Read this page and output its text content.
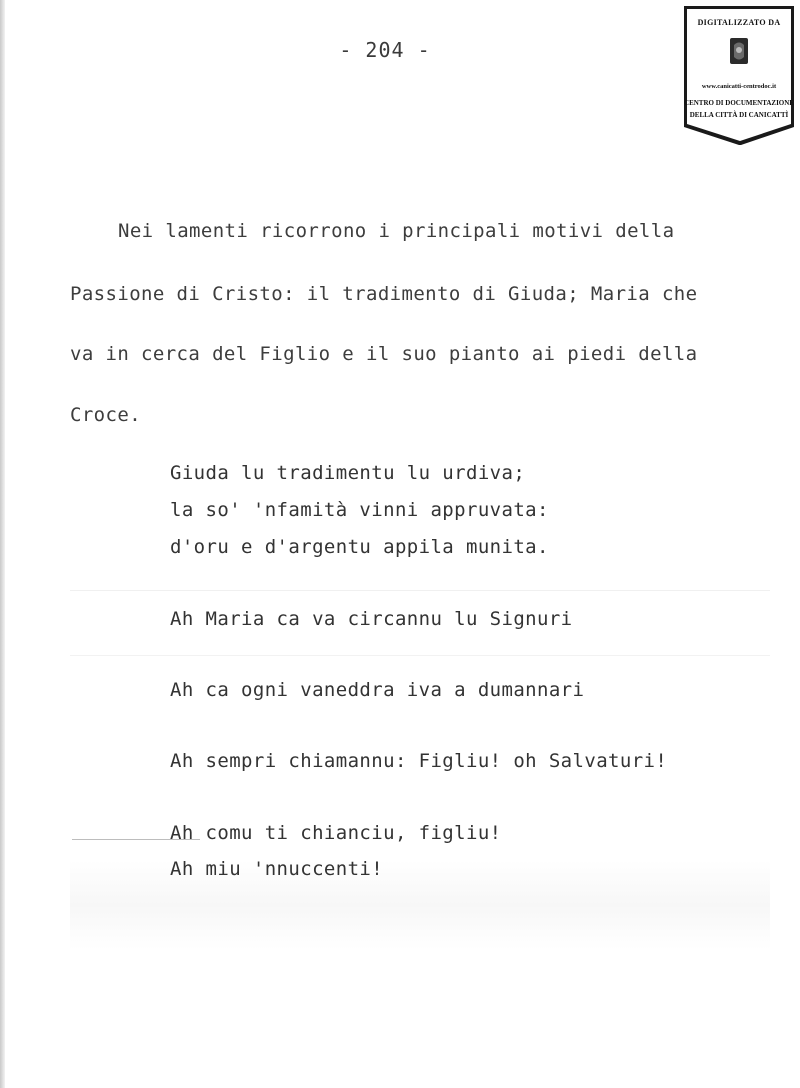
- 204 -
DIGITALIZZATO DA
www.canicatti-centrodoc.it
CENTRO DI DOCUMENTAZIONE
DELLA CITTÀ DI CANICATTÌ
Nei lamenti ricorrono i principali motivi della
Passione di Cristo: il tradimento di Giuda; Maria che
va in cerca del Figlio e il suo pianto ai piedi della
Croce.
Giuda lu tradimentu lu urdiva;
la so' 'nfamità vinni appruvata:
d'oru e d'argentu appila munita.
Ah Maria ca va circannu lu Signuri
Ah ca ogni vaneddra iva a dumannari
Ah sempri chiamannu: Figliu! oh Salvaturi!
Ah comu ti chianciu, figliu!
Ah miu 'nnuccenti!
